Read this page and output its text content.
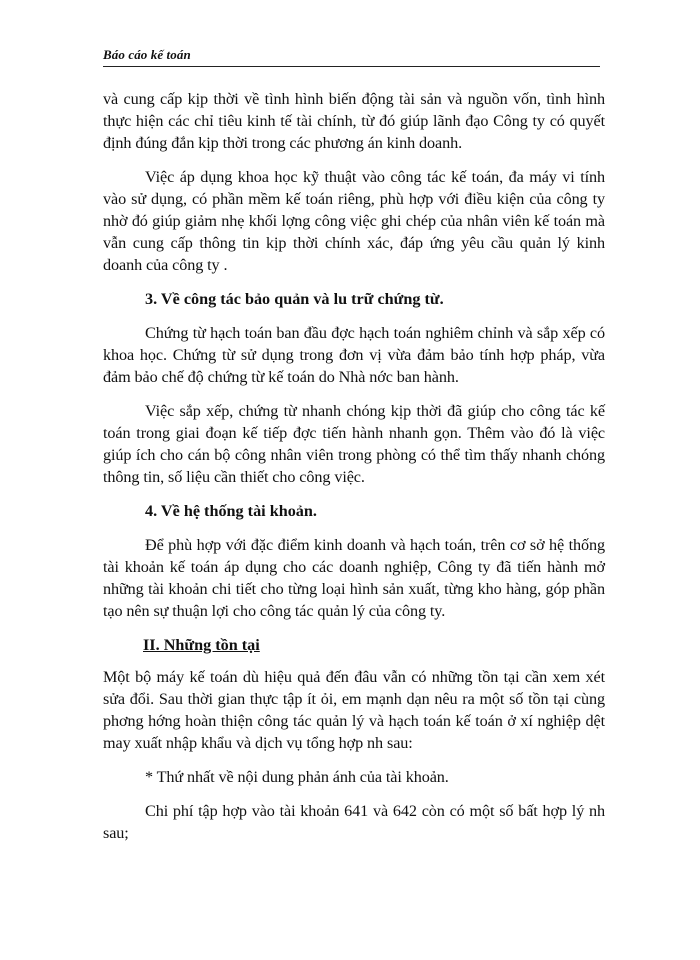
Báo cáo kế toán

và cung cấp kịp thời về tình hình biến động tài sản và nguồn vốn, tình hình thực hiện các chỉ tiêu kinh tế tài chính, từ đó giúp lãnh đạo Công ty có quyết định đúng đắn kịp thời trong các phương án kinh doanh.

Việc áp dụng khoa học kỹ thuật vào công tác kế toán, đa máy vi tính vào sử dụng, có phần mềm kế toán riêng, phù hợp với điều kiện của công ty nhờ đó giúp giảm nhẹ khối lợng công việc ghi chép của nhân viên kế toán mà vẫn cung cấp thông tin kịp thời chính xác, đáp ứng yêu cầu quản lý kinh doanh của công ty .

3. Về công tác bảo quản và lu trữ chứng từ.

Chứng từ hạch toán ban đầu đợc hạch toán nghiêm chỉnh và sắp xếp có khoa học. Chứng từ sử dụng trong đơn vị vừa đảm bảo tính hợp pháp, vừa đảm bảo chế độ chứng từ kế toán do Nhà nớc ban hành.

Việc sắp xếp, chứng từ nhanh chóng kịp thời đã giúp cho công tác kế toán trong giai đoạn kế tiếp đợc tiến hành nhanh gọn. Thêm vào đó là việc giúp ích cho cán bộ công nhân viên trong phòng có thể tìm thấy nhanh chóng thông tin, số liệu cần thiết cho công việc.

4. Về hệ thống tài khoản.

Để phù hợp với đặc điểm kinh doanh và hạch toán, trên cơ sở hệ thống tài khoản kế toán áp dụng cho các doanh nghiệp, Công ty đã tiến hành mở những tài khoản chi tiết cho từng loại hình sản xuất, từng kho hàng, góp phần tạo nên sự thuận lợi cho công tác quản lý của công ty.

II. Những tồn tại

Một bộ máy kế toán dù hiệu quả đến đâu vẫn có những tồn tại cần xem xét sửa đổi. Sau thời gian thực tập ít ỏi, em mạnh dạn nêu ra một số tồn tại cùng phơng hớng hoàn thiện công tác quản lý và hạch toán kế toán ở xí nghiệp dệt may xuất nhập khẩu và dịch vụ tổng hợp nh sau:

* Thứ nhất về nội dung phản ánh của tài khoản.

Chi phí tập hợp vào tài khoản 641 và 642 còn có một số bất hợp lý nh sau;
